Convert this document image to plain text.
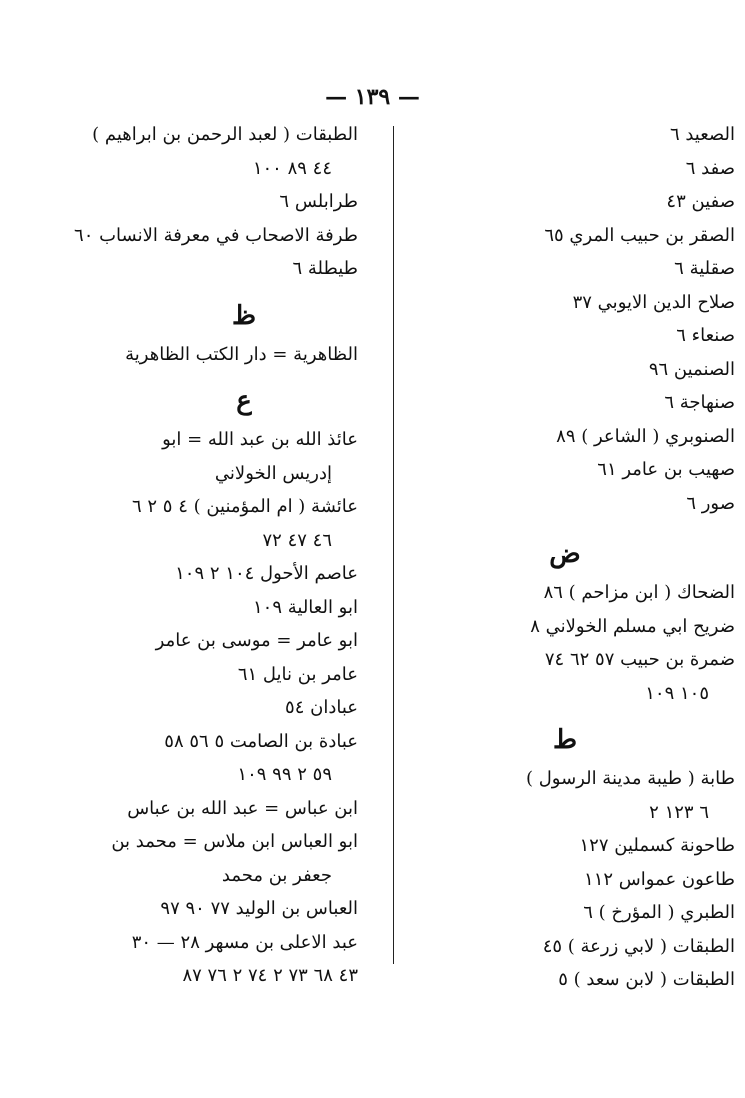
— ١٣٩ —
الصعيد ٦
صفد ٦
صفين ٤٣
الصقر بن حبيب المري ٦٥
صقلية ٦
صلاح الدين الايوبي ٣٧
صنعاء ٦
الصنمين ٩٦
صنهاجة ٦
الصنوبري ( الشاعر ) ٨٩
صهيب بن عامر ٦١
صور ٦
ض
الضحاك ( ابن مزاحم ) ٨٦
ضريح ابي مسلم الخولاني ٨
ضمرة بن حبيب ٥٧ ٦٢ ٧٤
١٠٥ ١٠٩
ط
طابة ( طيبة مدينة الرسول )
٦ ١٢٣ ٢
طاحونة كسملين ١٢٧
طاعون عمواس ١١٢
الطبري ( المؤرخ ) ٦
الطبقات ( لابي زرعة ) ٤٥
الطبقات ( لابن سعد ) ٥
الطبقات ( لعبد الرحمن بن ابراهيم )
٤٤ ٨٩ ١٠٠
طرابلس ٦
طرفة الاصحاب في معرفة الانساب ٦٠
طيطلة ٦
ظ
الظاهرية = دار الكتب الظاهرية
ع
عائذ الله بن عبد الله = ابو
إدريس الخولاني
عائشة ( ام المؤمنين ) ٤ ٥ ٢ ٦
٤٦ ٤٧ ٧٢
عاصم الأحول ١٠٤ ٢ ١٠٩
ابو العالية ١٠٩
ابو عامر = موسى بن عامر
عامر بن نايل ٦١
عبادان ٥٤
عبادة بن الصامت ٥ ٥٦ ٥٨
٥٩ ٢ ٩٩ ١٠٩
ابن عباس = عبد الله بن عباس
ابو العباس ابن ملاس = محمد بن
جعفر بن محمد
العباس بن الوليد ٧٧ ٩٠ ٩٧
عبد الاعلى بن مسهر ٢٨ — ٣٠
٤٣ ٦٨ ٧٣ ٢ ٧٤ ٢ ٧٦ ٨٧
